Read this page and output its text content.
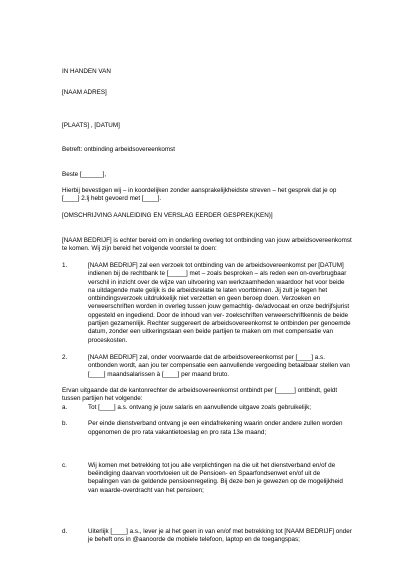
IN HANDEN VAN

[NAAM ADRES]

[PLAATS] , [DATUM]

Betreft: ontbinding arbeidsovereenkomst

Beste [______],

Hierbij bevestigen wij – in koordelijken zonder aansprakelijkheidste streven – het gesprek dat je op [____] 2.lj hebt gevoerd met [____].

[OMSCHRIJVING AANLEIDING EN VERSLAG EERDER GESPREK(KEN)]

[NAAM BEDRIJF] is echter bereid om in onderling overleg tot ontbinding van jouw arbeidsovereenkomst te komen. Wij zijn bereid het volgende voorstel te doen:

1.	[NAAM BEDRIJF] zal een verzoek tot ontbinding van de arbeidsovereenkomst per [DATUM] indienen bij de rechtbank te [_____] met – zoals besproken – als reden een on-overbrugbaar verschil in inzicht over de wijze van uitvoering van werkzaamheden waardoor het voor beide na uitdagende mate gelijk is de arbeidsrelatie te laten voortbinnen. Jij zult je tegen het ontbindingsverzoek uitdrukkelijk niet verzetten en geen beroep doen. Verzoeken en verweerschriften worden in overleg tussen jouw gemachtig- de/advocaat en onze bedrijfsjurist opgesteld en ingediend. Door de inhoud van ver- zoekschriften verweerschriftkennis de beide partijen gezamenlijk. Rechter suggereert de arbeidsovereenkomst te ontbinden per genoemde datum, zonder een uitkeringstaan een beide partijen te maken om met compensatie van proceskosten.
2.	[NAAM BEDRIJF] zal, onder voorwaarde dat de arbeidsovereenkomst per [____] a.s. ontbonden wordt, aan jou ter compensatie een aanvullende vergoeding betaalbaar stellen van [____] maandsalarissen à [____] per maand bruto.

Ervan uitgaande dat de kantonrechter de arbeidsovereenkomst ontbindt per [_____] ontbindt, geldt tussen partijen het volgende:

a.	Tot [____] a.s. ontvang je jouw salaris en aanvullende uitgave zoals gebruikelijk;
b.	Per einde dienstverband ontvang je een eindafrekening waarin onder andere zullen worden opgenomen de pro rata vakantietoeslag en pro rata 13e maand;
c.	Wij komen met betrekking tot jou alle verplichtingen na die uit het dienstverband en/of de beëindiging daarvan voortvloeien uit de Pensioen- en Spaarfondsenwet en/of uit de bepalingen van de geldende pensioenregeling. Bij deze ben je gewezen op de mogelijkheid van waarde-overdracht van het pensioen;
d.	Uiterlijk [____] a.s., lever je al het geen in van en/of met betrekking tot [NAAM BEDRIJF] onder je beheft ons in @aanoorde de mobiele telefoon, laptop en de toegangspas;
